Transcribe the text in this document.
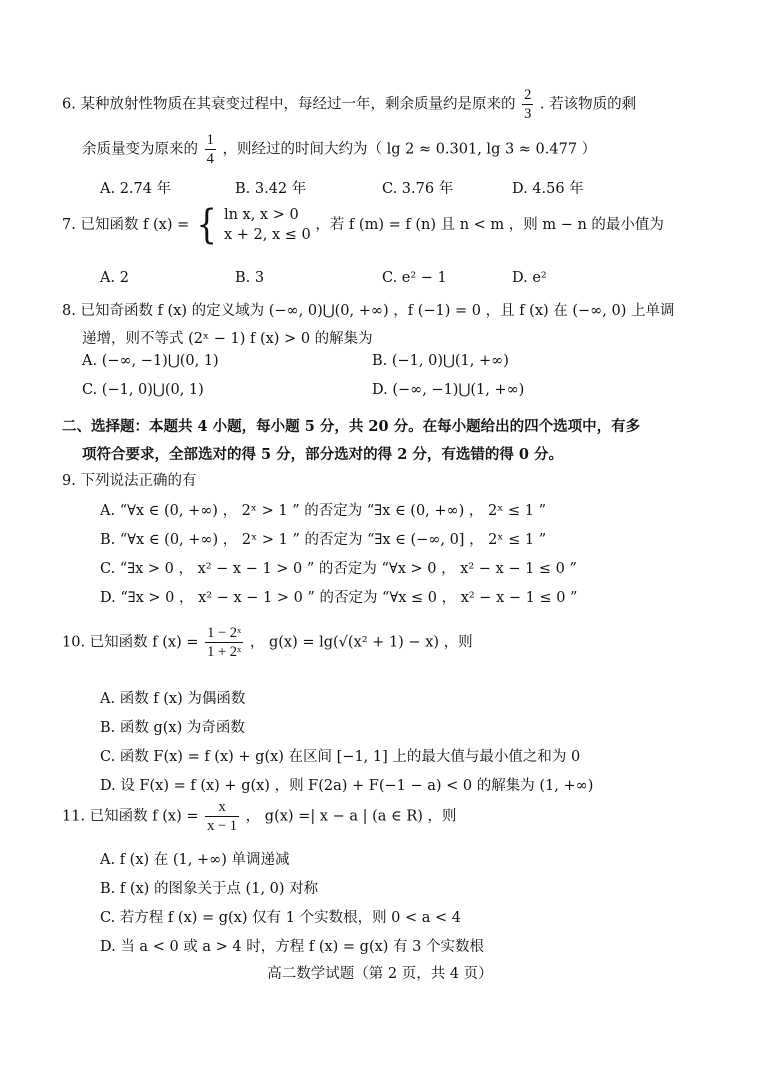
6. 某种放射性物质在其衰变过程中，每经过一年，剩余质量约是原来的 $\frac{2}{3}$ . 若该物质的剩
余质量变为原来的 $\frac{1}{4}$ ，则经过的时间大约为（ lg 2 ≈ 0.301, lg 3 ≈ 0.477 ）
A. 2.74 年	B. 3.42 年	C. 3.76 年	D. 4.56 年
7. 已知函数 f (x) = { ln x, x > 0
x + 2, x ≤ 0
，若 f (m) = f (n) 且 n < m ，则 m − n 的最小值为
A. 2	B. 3	C. e² − 1	D. e²
8. 已知奇函数 f (x) 的定义域为 (−∞, 0)⋃(0, +∞) ，f (−1) = 0 ，且 f (x) 在 (−∞, 0) 上单调
递增，则不等式 (2ˣ − 1) f (x) > 0 的解集为
A. (−∞, −1)⋃(0, 1)	B. (−1, 0)⋃(1, +∞)
C. (−1, 0)⋃(0, 1)	D. (−∞, −1)⋃(1, +∞)
二、选择题：本题共 4 小题，每小题 5 分，共 20 分。在每小题给出的四个选项中，有多
项符合要求，全部选对的得 5 分，部分选对的得 2 分，有选错的得 0 分。
9. 下列说法正确的有
A. “∀x ∈ (0, +∞) ， 2ˣ > 1 ” 的否定为 “∃x ∈ (0, +∞) ， 2ˣ ≤ 1 ”
B. “∀x ∈ (0, +∞) ， 2ˣ > 1 ” 的否定为 “∃x ∈ (−∞, 0] ， 2ˣ ≤ 1 ”
C. “∃x > 0 ， x² − x − 1 > 0 ” 的否定为 “∀x > 0 ， x² − x − 1 ≤ 0 ”
D. “∃x > 0 ， x² − x − 1 > 0 ” 的否定为 “∀x ≤ 0 ， x² − x − 1 ≤ 0 ”
10. 已知函数 f $(x) = \frac{\text{1 − 2ˣ}}{\text{1 + 2ˣ}}$ ， g(x) = lg(√(x² + 1) − x) ，则
A. 函数 f (x) 为偶函数
B. 函数 g(x) 为奇函数
C. 函数 F(x) = f (x) + g(x) 在区间 [−1, 1] 上的最大值与最小值之和为 0
D. 设 F(x) = f (x) + g(x) ，则 F(2a) + F(−1 − a) < 0 的解集为 (1, +∞)
11. 已知函数 f $(x) = \frac{x}{x - 1}$ ， g(x) =| x − a | (a ∈ R) ，则
A. f (x) 在 (1, +∞) 单调递减
B. f (x) 的图象关于点 (1, 0) 对称
C. 若方程 f (x) = g(x) 仅有 1 个实数根，则 0 < a < 4
D. 当 a < 0 或 a > 4 时，方程 f (x) = g(x) 有 3 个实数根
高二数学试题（第 2 页，共 4 页）
